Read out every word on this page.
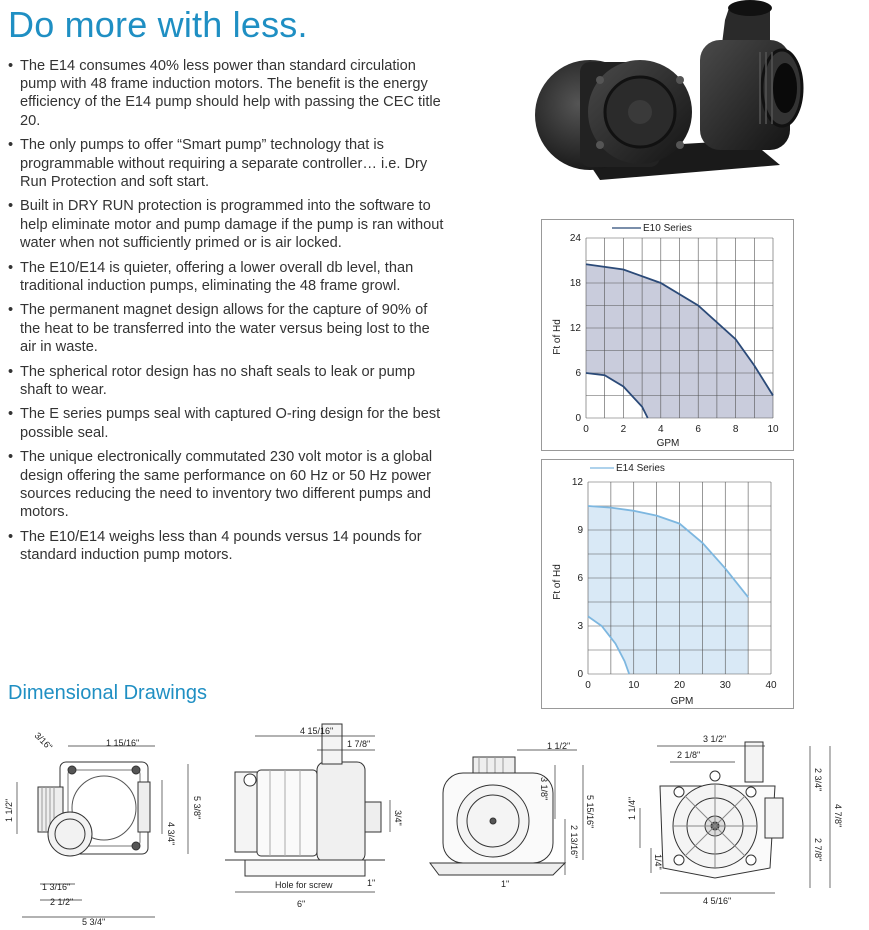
Do more with less.
• The E14 consumes 40% less power than standard circulation pump with 48 frame induction motors. The benefit is the energy efficiency of the E14 pump should help with passing the CEC title 20.
• The only pumps to offer “Smart pump” technology that is programmable without requiring a separate controller… i.e. Dry Run Protection and soft start.
• Built in DRY RUN protection is programmed into the software to help eliminate motor and pump damage if the pump is ran without water when not sufficiently primed or is air locked.
• The E10/E14 is quieter, offering a lower overall db level, than traditional induction pumps, eliminating the 48 frame growl.
• The permanent magnet design allows for the capture of 90% of the heat to be transferred into the water versus being lost to the air in waste.
• The spherical rotor design has no shaft seals to leak or pump shaft to wear.
• The E series pumps seal with captured O-ring design for the best possible seal.
• The unique electronically commutated 230 volt motor is a global design offering the same performance on 60 Hz or 50 Hz power sources reducing the need to inventory two different pumps and motors.
• The E10/E14 weighs less than 4 pounds versus 14 pounds for standard induction pump motors.
E10 Series
0	2	4	6	8	10
0
6
12
18
24
GPM
Ft of Hd
E14 Series
0	10	20	30	40
0
3
6
9
12
GPM
Ft of Hd
Dimensional Drawings
3/16"	1 15/16"
1 1/2"
4 3/4"
5 3/8"
1 3/16"
2 1/2"
5 3/4"
4 15/16"
1 7/8"
3/4"
Hole for screw	1"
6"
1 1/2"
3 1/8"
5 15/16"
2 13/16"
1"
3 1/2"
2 1/8"
2 3/4"
4 7/8"
1 1/4"
2 7/8"
1/4"
4 5/16"
